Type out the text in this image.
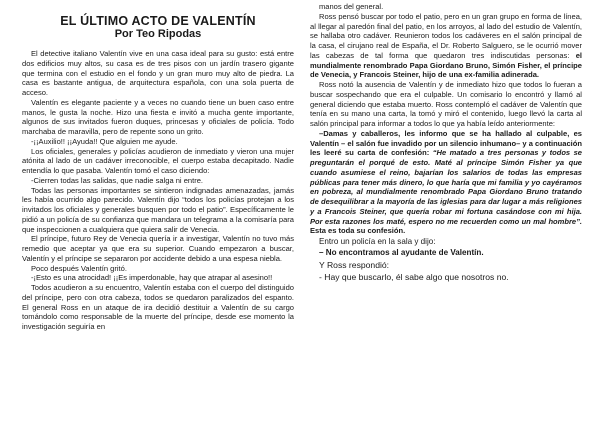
EL ÚLTIMO ACTO DE VALENTÍN
Por Teo Ripodas

El detective italiano Valentín vive en una casa ideal para su gusto: está entre dos edificios muy altos, su casa es de tres pisos con un jardín trasero gigante que termina con el estudio en el fondo y un gran muro muy alto de piedra. La casa es bastante antigua, de arquitectura española, con una sola puerta de acceso.

Valentín es elegante paciente y a veces no cuando tiene un buen caso entre manos, le gusta la noche. Hizo una fiesta e invitó a mucha gente importante, algunos de sus invitados fueron duques, princesas y oficiales de policía. Todo marchaba de maravilla, pero de repente sono un grito.

-¡¡Auxilio!! ¡¡Ayuda!! Que alguien me ayude.

Los oficiales, generales y policías acudieron de inmediato y vieron una mujer atónita al lado de un cadáver irreconocible, el cuerpo estaba decapitado. Nadie entendía lo que pasaba. Valentín tomó el caso diciendo:

-Cierren todas las salidas, que nadie salga ni entre.

Todas las personas importantes se sintieron indignadas amenazadas, jamás les había ocurrido algo parecido. Valentín dijo “todos los policías protejan a los invitados los oficiales y generales busquen por todo el patio”. Específicamente le pidió a un policía de su confianza que mandara un telegrama a la comisaría para que inspeccionen a cualquiera que quiera salir de Venecia.

El príncipe, futuro Rey de Venecia quería ir a investigar, Valentín no tuvo más remedio que aceptar ya que era su superior. Cuando empezaron a buscar, Valentín y el príncipe se separaron por accidente debido a una espesa niebla.

Poco después Valentín gritó.

-¡Esto es una atrocidad! ¡¡Es imperdonable, hay que atrapar al asesino!!

Todos acudieron a su encuentro, Valentín estaba con el cuerpo del distinguido del príncipe, pero con otra cabeza, todos se quedaron paralizados del espanto. El general Ross en un ataque de ira decidió destituir a Valentín de su cargo tomándolo como responsable de la muerte del príncipe, desde ese momento la investigación seguiría en

manos del general.

Ross pensó buscar por todo el patio, pero en un gran grupo en forma de línea, al llegar al paredón final del patio, en los arroyos, al lado del estudio de Valentín, se hallaba otro cadáver. Reunieron todos los cadáveres en el salón principal de la casa, el cirujano real de España, el Dr. Roberto Salguero, se le ocurrió mover las cabezas de tal forma que quedaron tres indiscutidas personas: el mundialmente renombrado Papa Giordano Bruno, Simón Fisher, el príncipe de Venecia, y Francois Steiner, hijo de una ex-familia adinerada.

Ross notó la ausencia de Valentín y de inmediato hizo que todos lo fueran a buscar sospechando que era el culpable. Un comisario lo encontró y llamó al general diciendo que estaba muerto. Ross contempló el cadáver de Valentín que tenía en su mano una carta, la tomó y miró el contenido, luego llevó la carta al salón principal para informar a todos lo que ya había leído anteriormente:

–Damas y caballeros, les informo que se ha hallado al culpable, es Valentín – el salón fue invadido por un silencio inhumano– y a continuación les leeré su carta de confesión: “He matado a tres personas y todos se preguntarán el porqué de esto. Maté al príncipe Simón Fisher ya que cuando asumiese el reino, bajarían los salarios de todas las empresas públicas para tener más dinero, lo que haría que mi familia y yo cayéramos en pobreza, al mundialmente renombrado Papa Giordano Bruno tratando de desequilibrar a la mayoría de las iglesias para dar lugar a más religiones y a Francois Steiner, que quería robar mi fortuna casándose con mi hija. Por esta razones los maté, espero no me recuerden como un mal hombre”. Esta es toda su confesión.

Entro un policía en la sala y dijo:

– No encontramos al ayudante de Valentín.

Y Ross respondió:

- Hay que buscarlo, él sabe algo que nosotros no.
